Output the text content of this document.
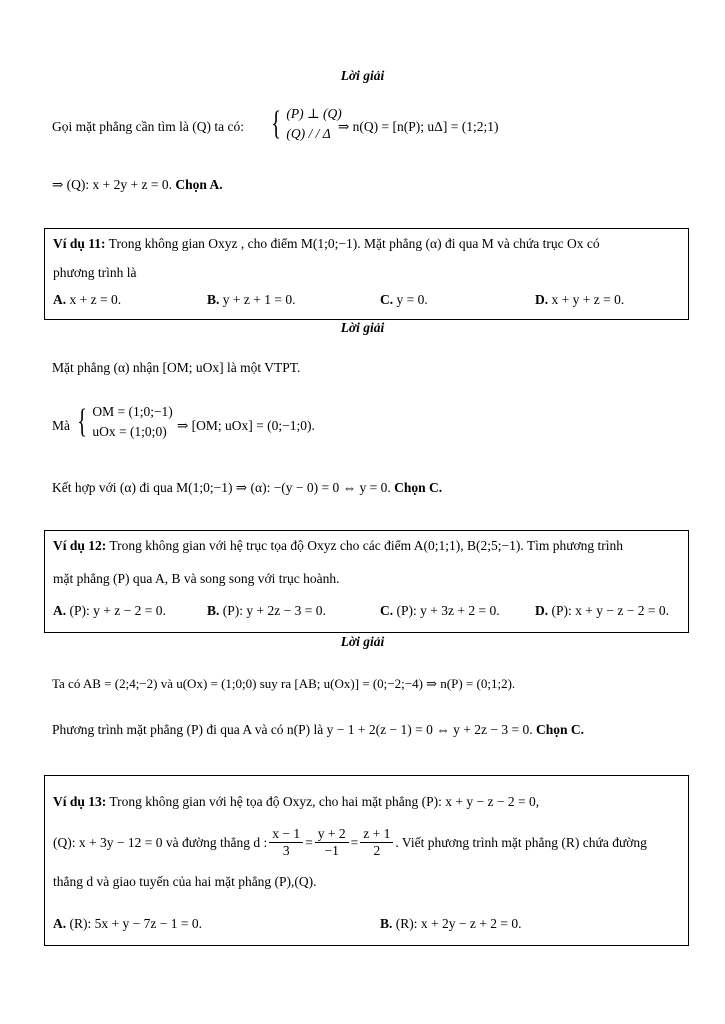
Lời giải
Gọi mặt phẳng cần tìm là (Q) ta có: { (P) ⊥ (Q)
(Q) / / Δ ⇒ n(Q) = [n(P); uΔ] = (1;2;1)
⇒ (Q): x + 2y + z = 0. Chọn A.
Ví dụ 11: Trong không gian Oxyz , cho điểm M(1;0;−1). Mặt phẳng (α) đi qua M và chứa trục Ox có
phương trình là
A. x + z = 0.	B. y + z + 1 = 0.	C. y = 0.	D. x + y + z = 0.
Lời giải
Mặt phẳng (α) nhận [OM; uOx] là một VTPT.
Mà { OM = (1;0;−1)
uOx = (1;0;0) ⇒ [OM; uOx] = (0;−1;0).
Kết hợp với (α) đi qua M(1;0;−1) ⇒ (α): −(y − 0) = 0 ⇔ y = 0. Chọn C.
Ví dụ 12: Trong không gian với hệ trục tọa độ Oxyz cho các điểm A(0;1;1), B(2;5;−1). Tìm phương trình
mặt phẳng (P) qua A, B và song song với trục hoành.
A. (P): y + z − 2 = 0.	B. (P): y + 2z − 3 = 0.	C. (P): y + 3z + 2 = 0.	D. (P): x + y − z − 2 = 0.
Lời giải
Ta có AB = (2;4;−2) và u(Ox) = (1;0;0) suy ra [AB; u(Ox)] = (0;−2;−4) ⇒ n(P) = (0;1;2).
Phương trình mặt phẳng (P) đi qua A và có n(P) là y − 1 + 2(z − 1) = 0 ⇔ y + 2z − 3 = 0. Chọn C.
Ví dụ 13: Trong không gian với hệ tọa độ Oxyz, cho hai mặt phẳng (P): x + y − z − 2 = 0,
(Q): x + 3y − 12 = 0 và đường thẳng d : $\frac{x - 1}{3} = \frac{y + 2}{-1} = \frac{z + 1}{2}$ . Viết phương trình mặt phẳng (R) chứa đường
thẳng d và giao tuyến của hai mặt phẳng (P),(Q).
A. (R): 5x + y − 7z − 1 = 0.	B. (R): x + 2y − z + 2 = 0.
